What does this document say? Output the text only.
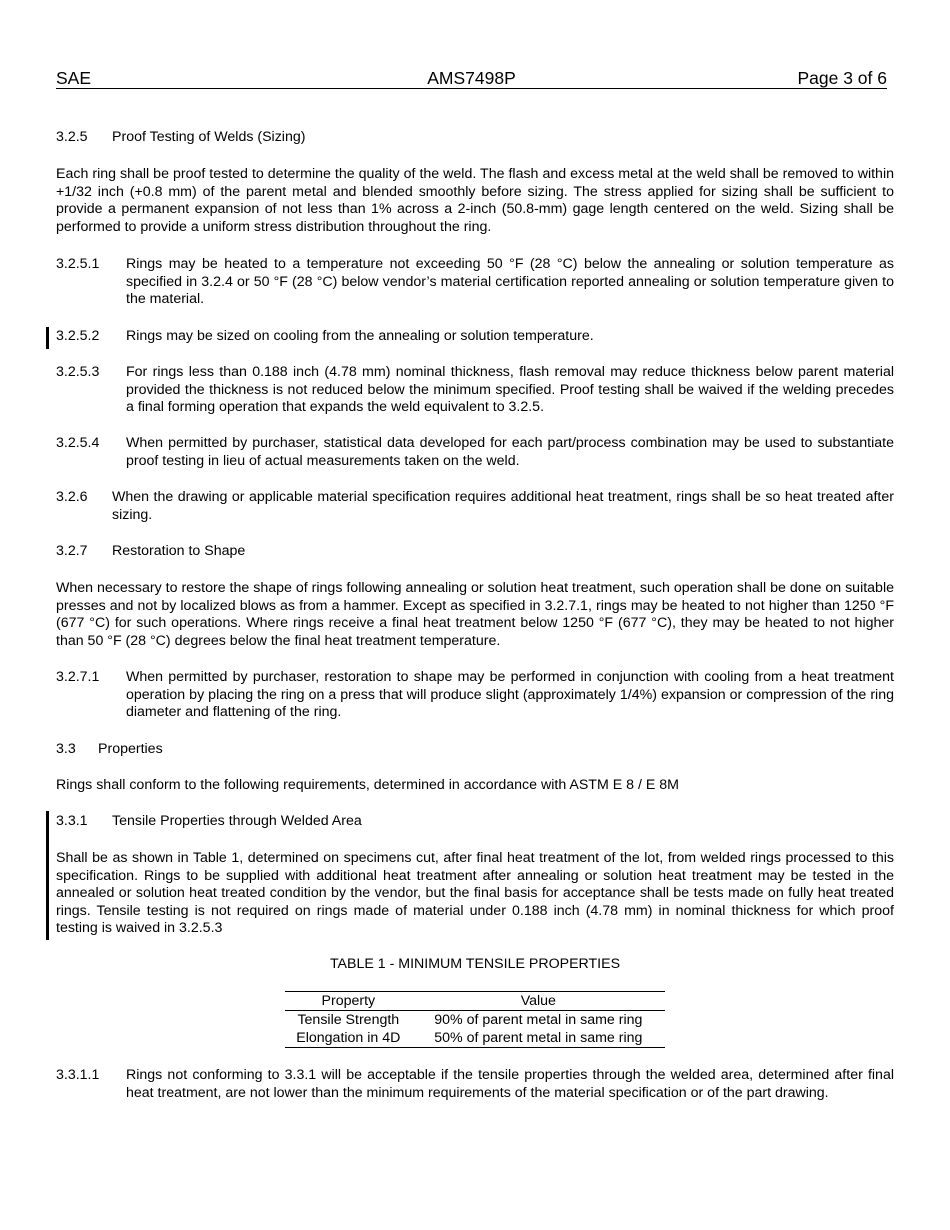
SAE	AMS7498P	Page 3 of 6
3.2.5 Proof Testing of Welds (Sizing)
Each ring shall be proof tested to determine the quality of the weld. The flash and excess metal at the weld shall be removed to within +1/32 inch (+0.8 mm) of the parent metal and blended smoothly before sizing. The stress applied for sizing shall be sufficient to provide a permanent expansion of not less than 1% across a 2-inch (50.8-mm) gage length centered on the weld. Sizing shall be performed to provide a uniform stress distribution throughout the ring.
3.2.5.1 Rings may be heated to a temperature not exceeding 50 °F (28 °C) below the annealing or solution temperature as specified in 3.2.4 or 50 °F (28 °C) below vendor’s material certification reported annealing or solution temperature given to the material.
3.2.5.2 Rings may be sized on cooling from the annealing or solution temperature.
3.2.5.3 For rings less than 0.188 inch (4.78 mm) nominal thickness, flash removal may reduce thickness below parent material provided the thickness is not reduced below the minimum specified. Proof testing shall be waived if the welding precedes a final forming operation that expands the weld equivalent to 3.2.5.
3.2.5.4 When permitted by purchaser, statistical data developed for each part/process combination may be used to substantiate proof testing in lieu of actual measurements taken on the weld.
3.2.6 When the drawing or applicable material specification requires additional heat treatment, rings shall be so heat treated after sizing.
3.2.7 Restoration to Shape
When necessary to restore the shape of rings following annealing or solution heat treatment, such operation shall be done on suitable presses and not by localized blows as from a hammer. Except as specified in 3.2.7.1, rings may be heated to not higher than 1250 °F (677 °C) for such operations. Where rings receive a final heat treatment below 1250 °F (677 °C), they may be heated to not higher than 50 °F (28 °C) degrees below the final heat treatment temperature.
3.2.7.1 When permitted by purchaser, restoration to shape may be performed in conjunction with cooling from a heat treatment operation by placing the ring on a press that will produce slight (approximately 1/4%) expansion or compression of the ring diameter and flattening of the ring.
3.3 Properties
Rings shall conform to the following requirements, determined in accordance with ASTM E 8 / E 8M
3.3.1 Tensile Properties through Welded Area
Shall be as shown in Table 1, determined on specimens cut, after final heat treatment of the lot, from welded rings processed to this specification. Rings to be supplied with additional heat treatment after annealing or solution heat treatment may be tested in the annealed or solution heat treated condition by the vendor, but the final basis for acceptance shall be tests made on fully heat treated rings. Tensile testing is not required on rings made of material under 0.188 inch (4.78 mm) in nominal thickness for which proof testing is waived in 3.2.5.3
TABLE 1 - MINIMUM TENSILE PROPERTIES
Property	Value
Tensile Strength	90% of parent metal in same ring
Elongation in 4D	50% of parent metal in same ring
3.3.1.1 Rings not conforming to 3.3.1 will be acceptable if the tensile properties through the welded area, determined after final heat treatment, are not lower than the minimum requirements of the material specification or of the part drawing.
